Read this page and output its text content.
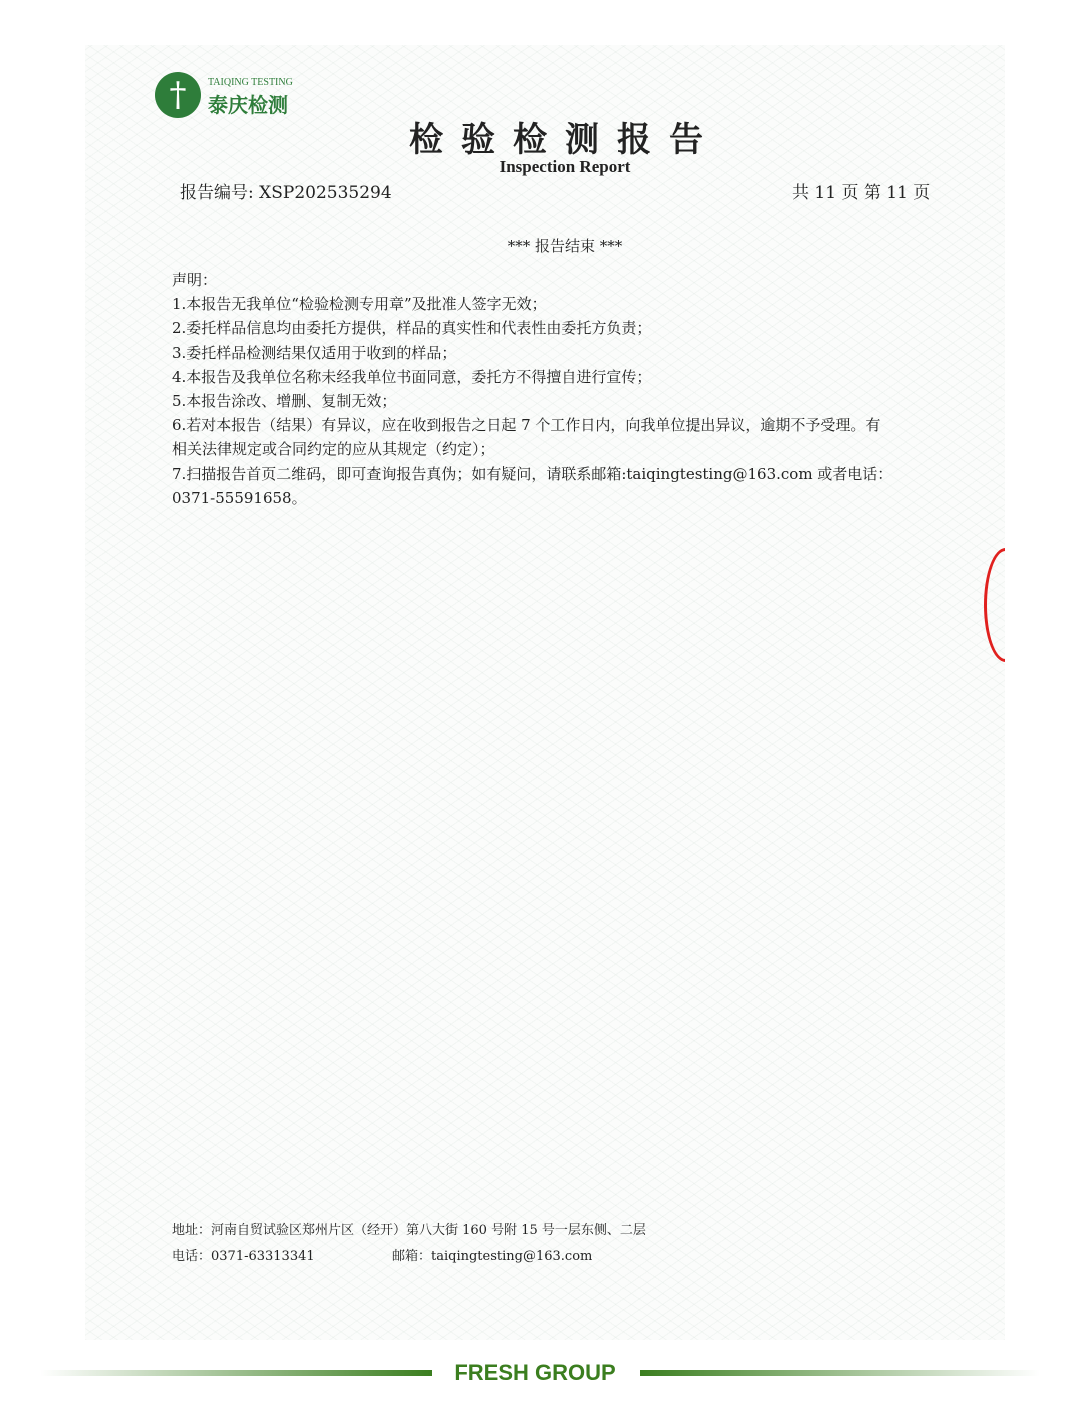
†	TAIQING TESTING
泰庆检测
检验检测报告
Inspection Report
报告编号: XSP202535294	共 11 页 第 11 页
*** 报告结束 ***
声明：
1.本报告无我单位“检验检测专用章”及批准人签字无效；
2.委托样品信息均由委托方提供，样品的真实性和代表性由委托方负责；
3.委托样品检测结果仅适用于收到的样品；
4.本报告及我单位名称未经我单位书面同意，委托方不得擅自进行宣传；
5.本报告涂改、增删、复制无效；
6.若对本报告（结果）有异议，应在收到报告之日起 7 个工作日内，向我单位提出异议，逾期不予受理。有
相关法律规定或合同约定的应从其规定（约定）；
7.扫描报告首页二维码，即可查询报告真伪；如有疑问，请联系邮箱:taiqingtesting@163.com 或者电话：
0371-55591658。
地址：河南自贸试验区郑州片区（经开）第八大街 160 号附 15 号一层东侧、二层
电话：0371-63313341	邮箱：taiqingtesting@163.com
FRESH GROUP
